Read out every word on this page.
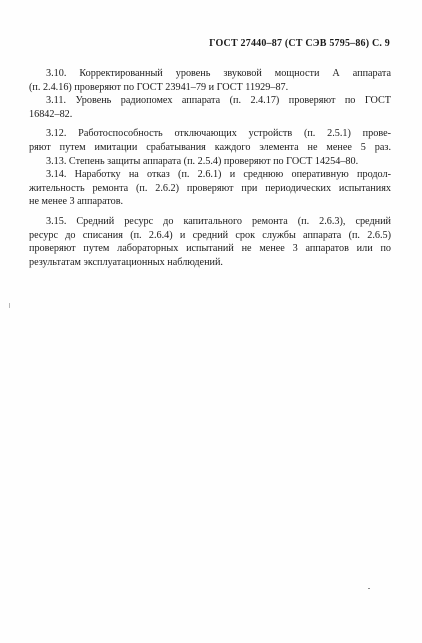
ГОСТ 27440–87 (СТ СЭВ 5795–86) С. 9

3.10. Корректированный уровень звуковой мощности А аппарата
(п. 2.4.16) проверяют по ГОСТ 23941–79 и ГОСТ 11929–87.

3.11. Уровень радиопомех аппарата (п. 2.4.17) проверяют по ГОСТ
16842–82.

3.12. Работоспособность отключающих устройств (п. 2.5.1) прове-
ряют путем имитации срабатывания каждого элемента не менее 5 раз.

3.13. Степень защиты аппарата (п. 2.5.4) проверяют по ГОСТ 14254–80.

3.14. Наработку на отказ (п. 2.6.1) и среднюю оперативную продол-
жительность ремонта (п. 2.6.2) проверяют при периодических испытаниях
не менее 3 аппаратов.

3.15. Средний ресурс до капитального ремонта (п. 2.6.3), средний
ресурс до списания (п. 2.6.4) и средний срок службы аппарата (п. 2.6.5)
проверяют путем лабораторных испытаний не менее 3 аппаратов или по
результатам эксплуатационных наблюдений.
